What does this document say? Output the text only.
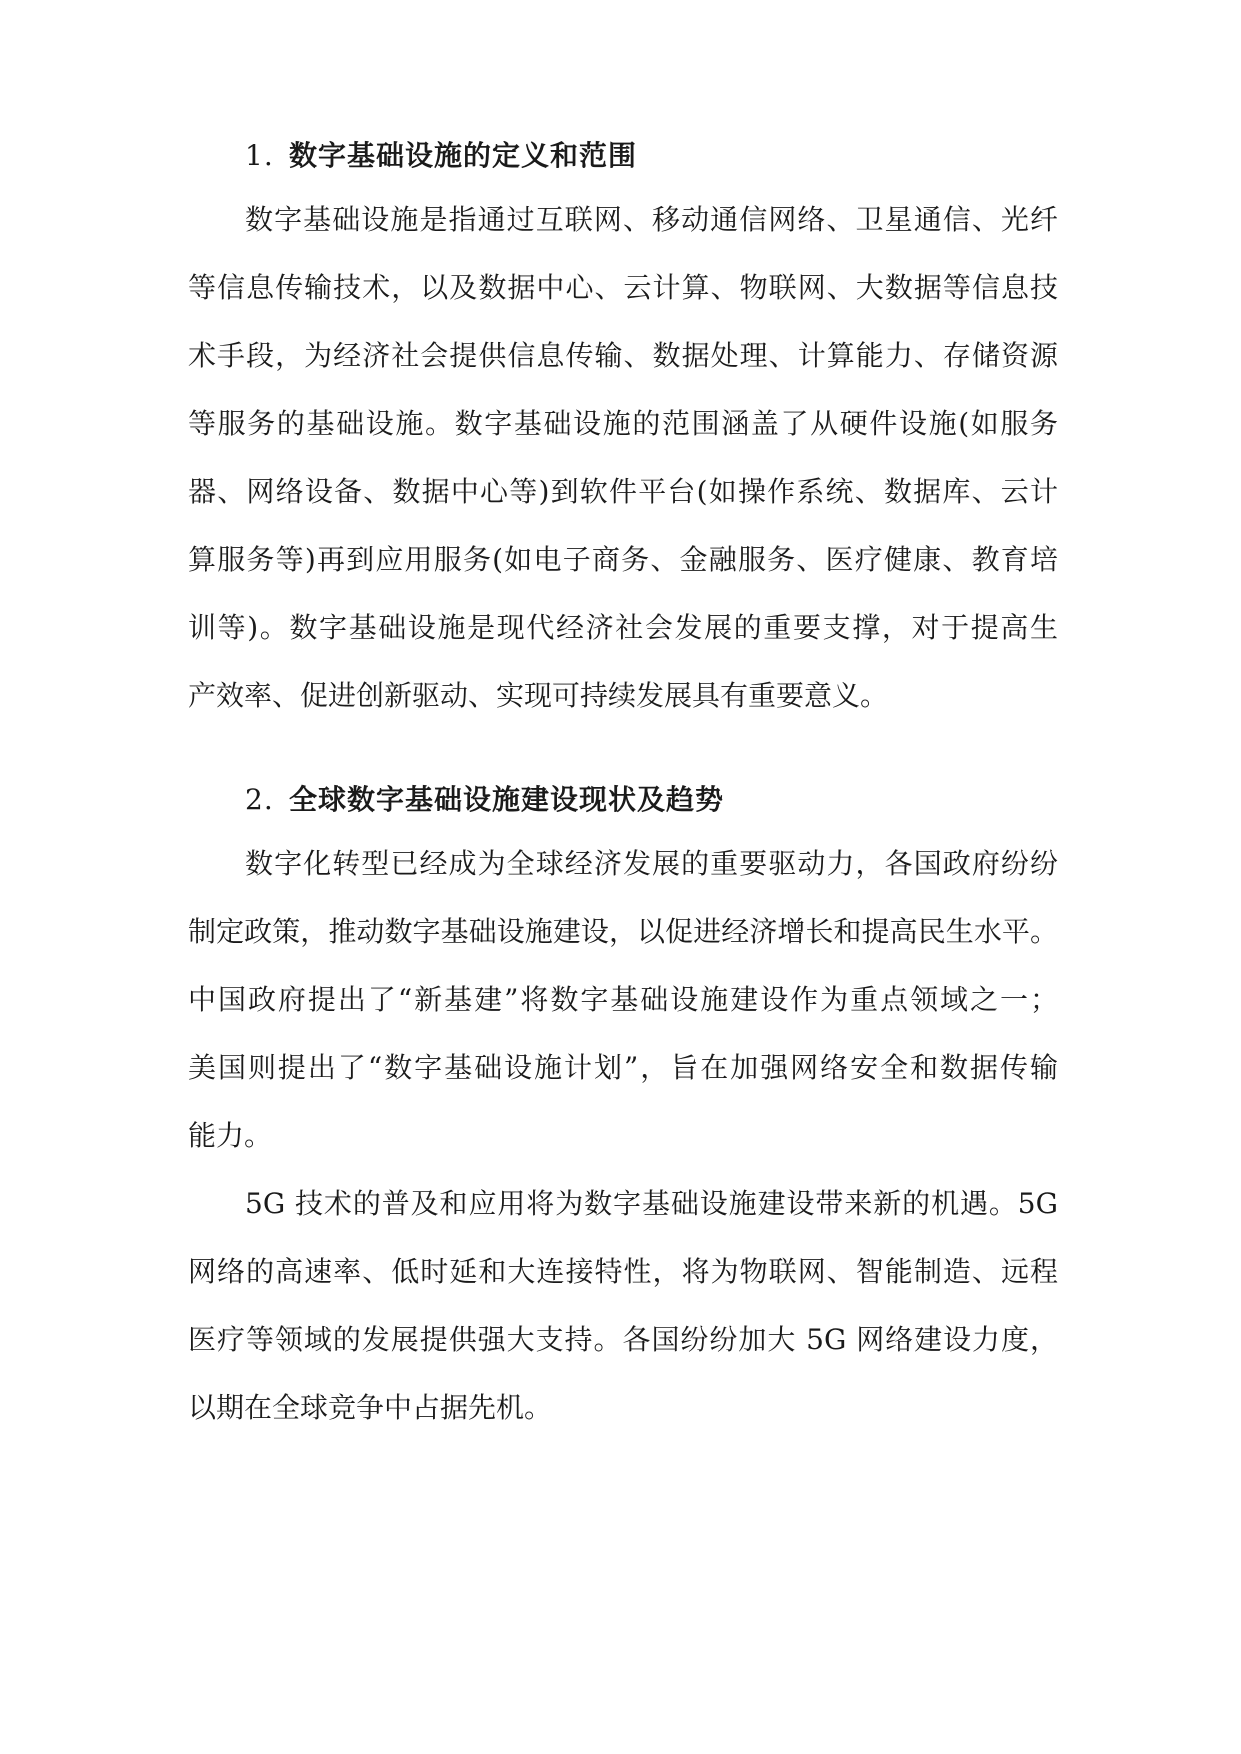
1. 数字基础设施的定义和范围
数字基础设施是指通过互联网、移动通信网络、卫星通信、光纤
等信息传输技术，以及数据中心、云计算、物联网、大数据等信息技
术手段，为经济社会提供信息传输、数据处理、计算能力、存储资源
等服务的基础设施。数字基础设施的范围涵盖了从硬件设施(如服务
器、网络设备、数据中心等)到软件平台(如操作系统、数据库、云计
算服务等)再到应用服务(如电子商务、金融服务、医疗健康、教育培
训等)。数字基础设施是现代经济社会发展的重要支撑，对于提高生
产效率、促进创新驱动、实现可持续发展具有重要意义。
2. 全球数字基础设施建设现状及趋势
数字化转型已经成为全球经济发展的重要驱动力，各国政府纷纷
制定政策，推动数字基础设施建设，以促进经济增长和提高民生水平。
中国政府提出了“新基建”将数字基础设施建设作为重点领域之一；
美国则提出了“数字基础设施计划”，旨在加强网络安全和数据传输
能力。
5G 技术的普及和应用将为数字基础设施建设带来新的机遇。5G
网络的高速率、低时延和大连接特性，将为物联网、智能制造、远程
医疗等领域的发展提供强大支持。各国纷纷加大 5G 网络建设力度，
以期在全球竞争中占据先机。
